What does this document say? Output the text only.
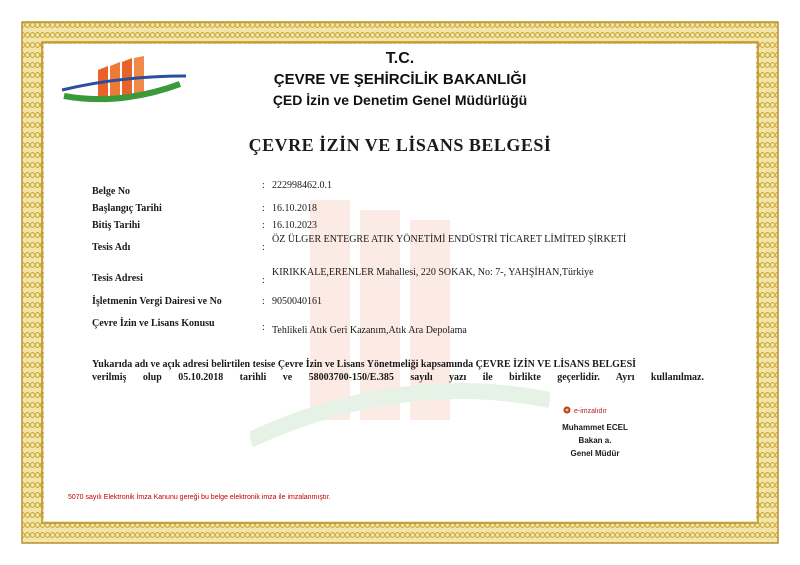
T.C.
ÇEVRE VE ŞEHİRCİLİK BAKANLIĞI
ÇED İzin ve Denetim Genel Müdürlüğü
ÇEVRE İZİN VE LİSANS BELGESİ
Belge No
: 222998462.0.1
Başlangıç Tarihi	: 16.10.2018
Bitiş Tarihi	: 16.10.2023
Tesis Adı	:
ÖZ ÜLGER ENTEGRE ATIK YÖNETİMİ ENDÜSTRİ TİCARET LİMİTED ŞİRKETİ
Tesis Adresi	:
KIRIKKALE,ERENLER Mahallesi, 220 SOKAK, No: 7-, YAHŞİHAN,Türkiye
İşletmenin Vergi Dairesi ve No	: 9050040161
Çevre İzin ve Lisans Konusu	: Tehlikeli Atık Geri Kazanım,Atık Ara Depolama
Yukarıda adı ve açık adresi belirtilen tesise Çevre İzin ve Lisans Yönetmeliği kapsamında ÇEVRE İZİN VE LİSANS BELGESİ
verilmiş olup 05.10.2018 tarihli ve 58003700-150/E.385 sayılı yazı ile birlikte geçerlidir. Ayrı kullanılmaz.
e-imzalıdır
Muhammet ECEL
Bakan a.
Genel Müdür
5070 sayılı Elektronik İmza Kanunu gereği bu belge elektronik imza ile imzalanmıştır.
